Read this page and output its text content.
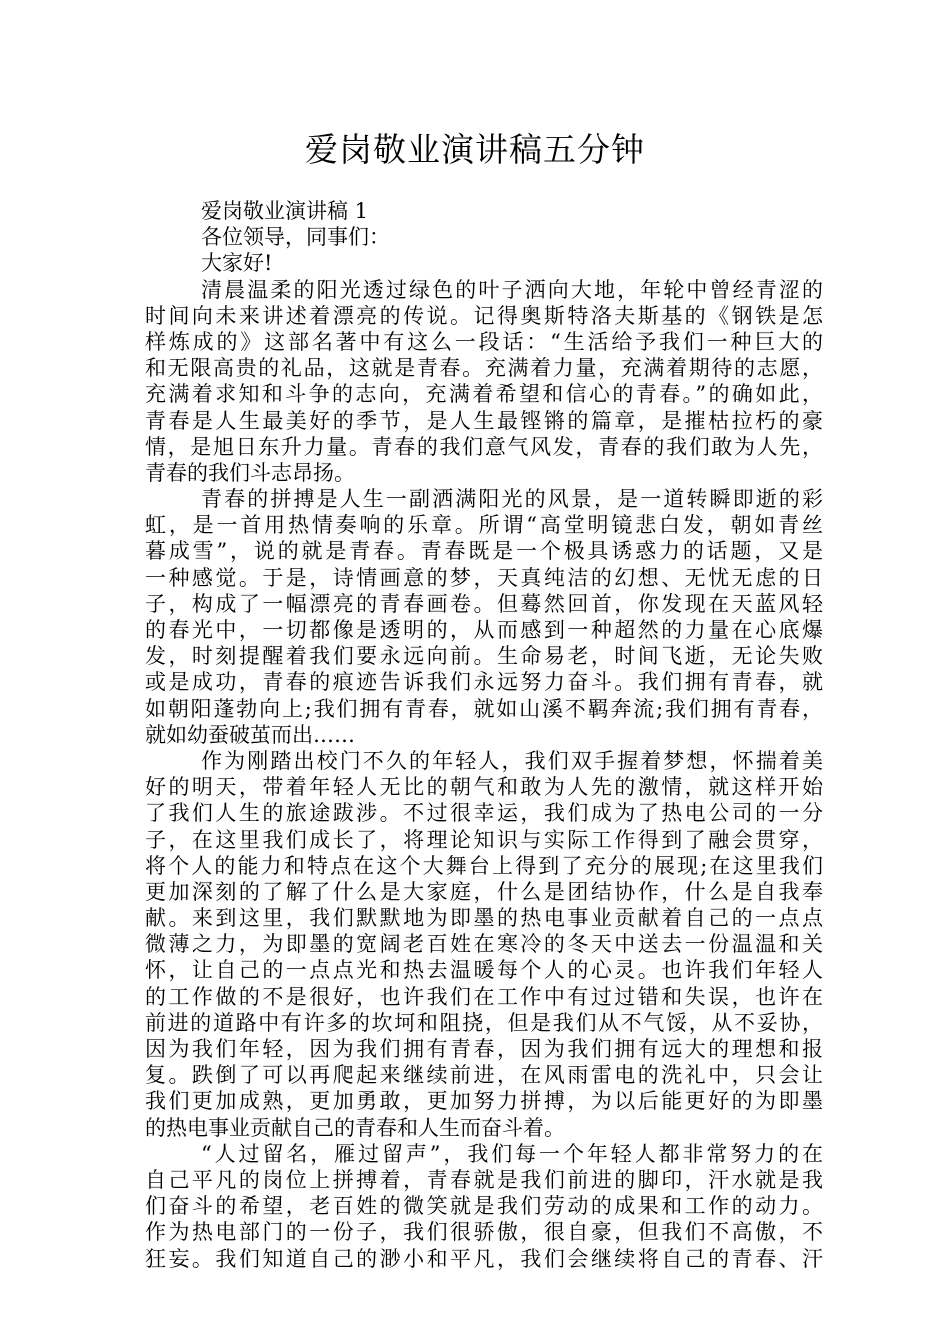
爱岗敬业演讲稿五分钟
爱岗敬业演讲稿 1
各位领导，同事们：
大家好!
清晨温柔的阳光透过绿色的叶子洒向大地，年轮中曾经青涩的
时间向未来讲述着漂亮的传说。记得奥斯特洛夫斯基的《钢铁是怎
样炼成的》这部名著中有这么一段话：“生活给予我们一种巨大的
和无限高贵的礼品，这就是青春。充满着力量，充满着期待的志愿，
充满着求知和斗争的志向，充满着希望和信心的青春。”的确如此，
青春是人生最美好的季节，是人生最铿锵的篇章，是摧枯拉朽的豪
情，是旭日东升力量。青春的我们意气风发，青春的我们敢为人先，
青春的我们斗志昂扬。
青春的拼搏是人生一副洒满阳光的风景，是一道转瞬即逝的彩
虹，是一首用热情奏响的乐章。所谓“高堂明镜悲白发，朝如青丝
暮成雪”，说的就是青春。青春既是一个极具诱惑力的话题，又是
一种感觉。于是，诗情画意的梦，天真纯洁的幻想、无忧无虑的日
子，构成了一幅漂亮的青春画卷。但蓦然回首，你发现在天蓝风轻
的春光中，一切都像是透明的，从而感到一种超然的力量在心底爆
发，时刻提醒着我们要永远向前。生命易老，时间飞逝，无论失败
或是成功，青春的痕迹告诉我们永远努力奋斗。我们拥有青春，就
如朝阳蓬勃向上;我们拥有青春，就如山溪不羁奔流;我们拥有青春，
就如幼蚕破茧而出……
作为刚踏出校门不久的年轻人，我们双手握着梦想，怀揣着美
好的明天，带着年轻人无比的朝气和敢为人先的激情，就这样开始
了我们人生的旅途跋涉。不过很幸运，我们成为了热电公司的一分
子，在这里我们成长了，将理论知识与实际工作得到了融会贯穿，
将个人的能力和特点在这个大舞台上得到了充分的展现;在这里我们
更加深刻的了解了什么是大家庭，什么是团结协作，什么是自我奉
献。来到这里，我们默默地为即墨的热电事业贡献着自己的一点点
微薄之力，为即墨的宽阔老百姓在寒冷的冬天中送去一份温温和关
怀，让自己的一点点光和热去温暖每个人的心灵。也许我们年轻人
的工作做的不是很好，也许我们在工作中有过过错和失误，也许在
前进的道路中有许多的坎坷和阻挠，但是我们从不气馁，从不妥协，
因为我们年轻，因为我们拥有青春，因为我们拥有远大的理想和报
复。跌倒了可以再爬起来继续前进，在风雨雷电的洗礼中，只会让
我们更加成熟，更加勇敢，更加努力拼搏，为以后能更好的为即墨
的热电事业贡献自己的青春和人生而奋斗着。
“人过留名，雁过留声”，我们每一个年轻人都非常努力的在
自己平凡的岗位上拼搏着，青春就是我们前进的脚印，汗水就是我
们奋斗的希望，老百姓的微笑就是我们劳动的成果和工作的动力。
作为热电部门的一份子，我们很骄傲，很自豪，但我们不高傲，不
狂妄。我们知道自己的渺小和平凡，我们会继续将自己的青春、汗
